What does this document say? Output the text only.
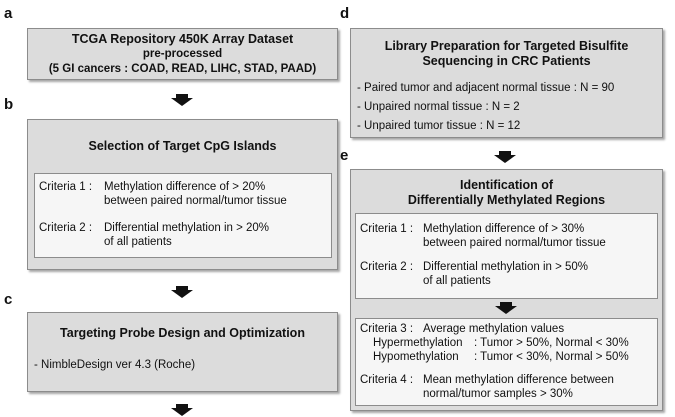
a
b
c
d
e
TCGA Repository 450K Array Dataset
pre-processed
(5 GI cancers : COAD, READ, LIHC, STAD, PAAD)
Selection of Target CpG Islands
Criteria 1 : Methylation difference of > 20%
between paired normal/tumor tissue
Criteria 2 : Differential methylation in > 20%
of all patients
Targeting Probe Design and Optimization
- NimbleDesign ver 4.3 (Roche)
Library Preparation for Targeted Bisulfite
Sequencing in CRC Patients
- Paired tumor and adjacent normal tissue : N = 90
- Unpaired normal tissue : N = 2
- Unpaired tumor tissue : N = 12
Identification of
Differentially Methylated Regions
Criteria 1 : Methylation difference of > 30%
between paired normal/tumor tissue
Criteria 2 : Differential methylation in > 50%
of all patients
Criteria 3 : Average methylation values
Hypermethylation : Tumor > 50%, Normal < 30%
Hypomethylation : Tumor < 30%, Normal > 50%
Criteria 4 : Mean methylation difference between
normal/tumor samples > 30%
